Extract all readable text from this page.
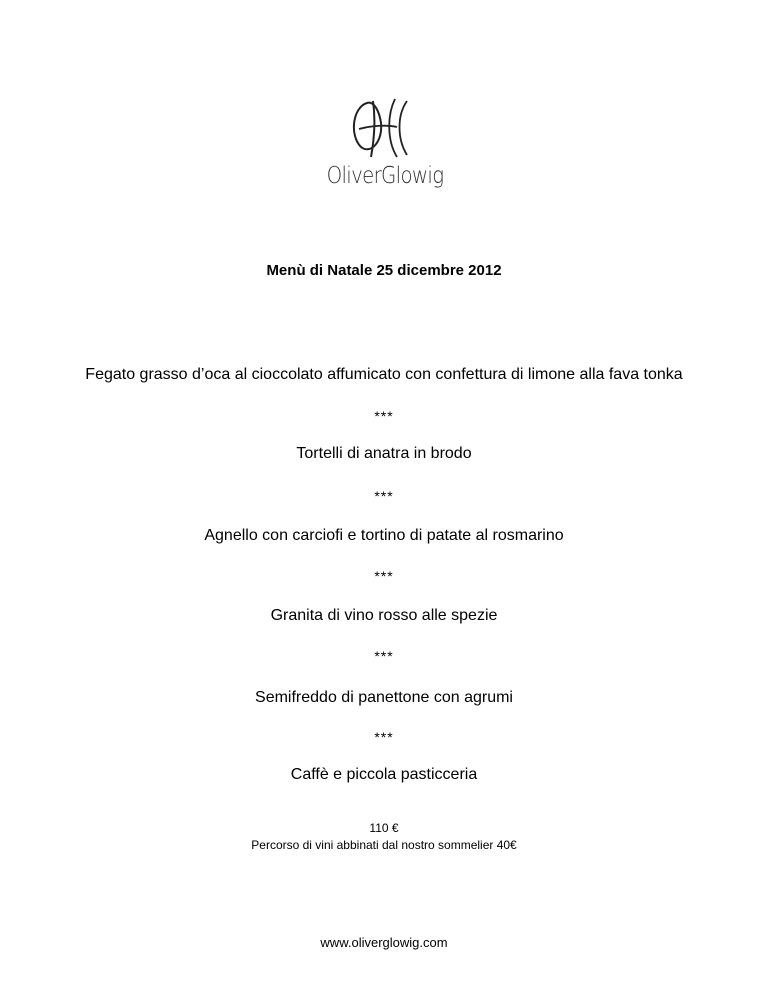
OliverGlowig
Menù di Natale 25 dicembre 2012
Fegato grasso d’oca al cioccolato affumicato con confettura di limone alla fava tonka
***
Tortelli di anatra in brodo
***
Agnello con carciofi e tortino di patate al rosmarino
***
Granita di vino rosso alle spezie
***
Semifreddo di panettone con agrumi
***
Caffè e piccola pasticceria
110 €
Percorso di vini abbinati dal nostro sommelier 40€
www.oliverglowig.com
